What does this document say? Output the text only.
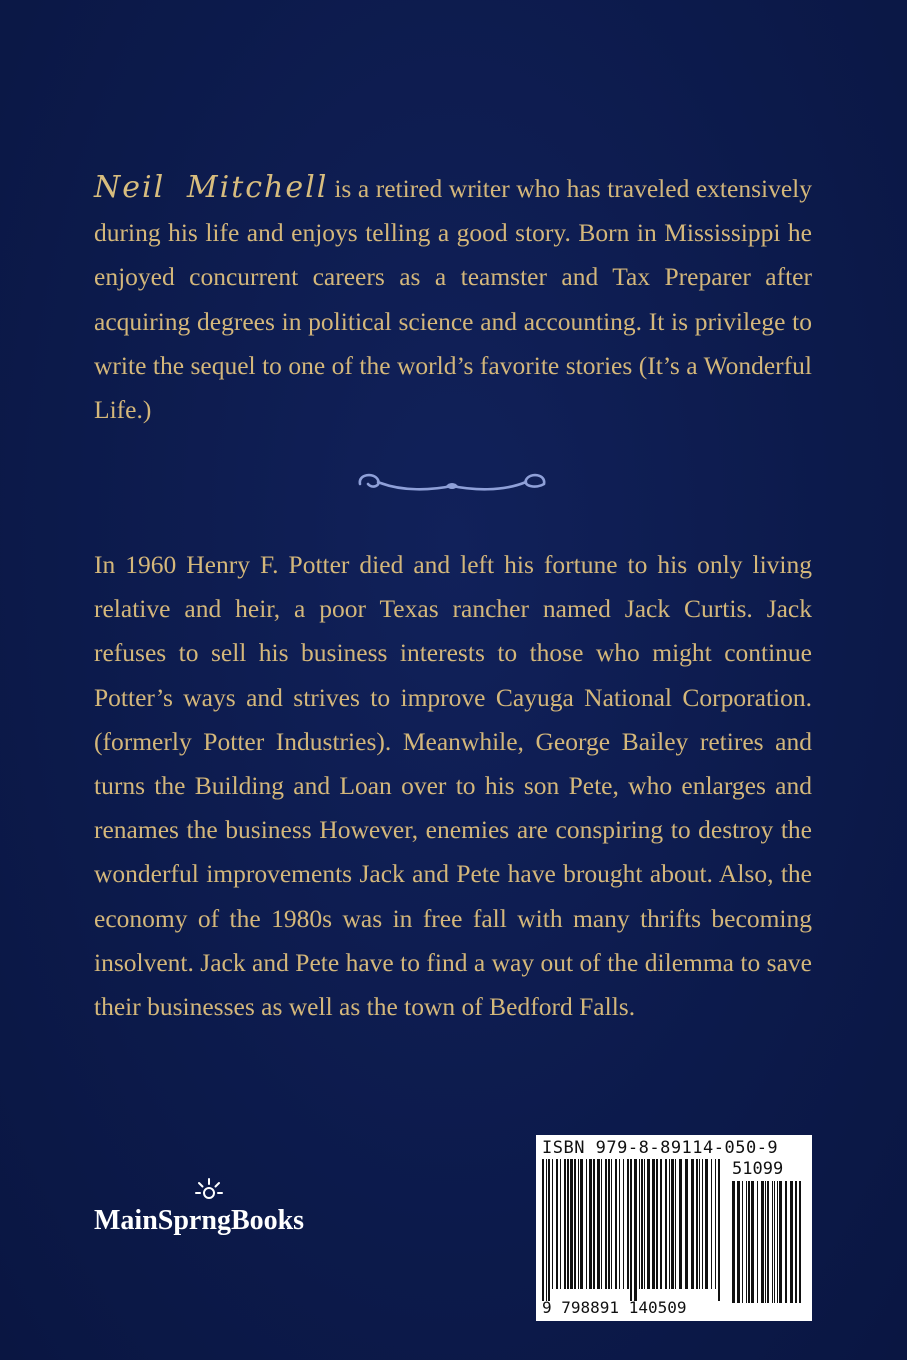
Neil Mitchell is a retired writer who has traveled extensively during his life and enjoys telling a good story. Born in Mississippi he enjoyed concurrent careers as a teamster and Tax Preparer after acquiring degrees in political science and accounting. It is privilege to write the sequel to one of the world’s favorite stories (It’s a Wonderful Life.)

In 1960 Henry F. Potter died and left his fortune to his only living relative and heir, a poor Texas rancher named Jack Curtis. Jack refuses to sell his business interests to those who might continue Potter’s ways and strives to improve Cayuga National Corporation. (formerly Potter Industries). Meanwhile, George Bailey retires and turns the Building and Loan over to his son Pete, who enlarges and renames the business However, enemies are conspiring to destroy the wonderful improvements Jack and Pete have brought about. Also, the economy of the 1980s was in free fall with many thrifts becoming insolvent. Jack and Pete have to find a way out of the dilemma to save their businesses as well as the town of Bedford Falls.

MainSpr n g Books
ISBN 979-8-89114-050-9
51099
9 798891 140509
